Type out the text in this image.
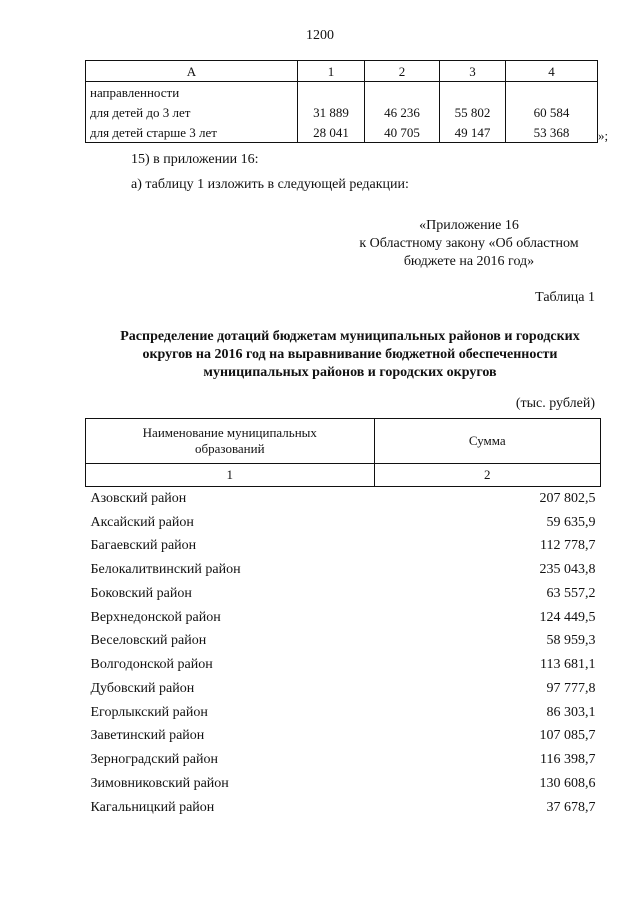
1200
А	1	2	3	4
направленности				
для детей до 3 лет	31 889	46 236	55 802	60 584
для детей старше 3 лет	28 041	40 705	49 147	53 368 »;
15) в приложении 16:
а) таблицу 1 изложить в следующей редакции:
«Приложение 16
к Областному закону «Об областном
бюджете на 2016 год»
Таблица 1
Распределение дотаций бюджетам муниципальных районов и городских
округов на 2016 год на выравнивание бюджетной обеспеченности
муниципальных районов и городских округов
(тыс. рублей)
Наименование муниципальных
образований	Сумма
1	2
Азовский район	207 802,5
Аксайский район	59 635,9
Багаевский район	112 778,7
Белокалитвинский район	235 043,8
Боковский район	63 557,2
Верхнедонской район	124 449,5
Веселовский район	58 959,3
Волгодонской район	113 681,1
Дубовский район	97 777,8
Егорлыкский район	86 303,1
Заветинский район	107 085,7
Зерноградский район	116 398,7
Зимовниковский район	130 608,6
Кагальницкий район	37 678,7
